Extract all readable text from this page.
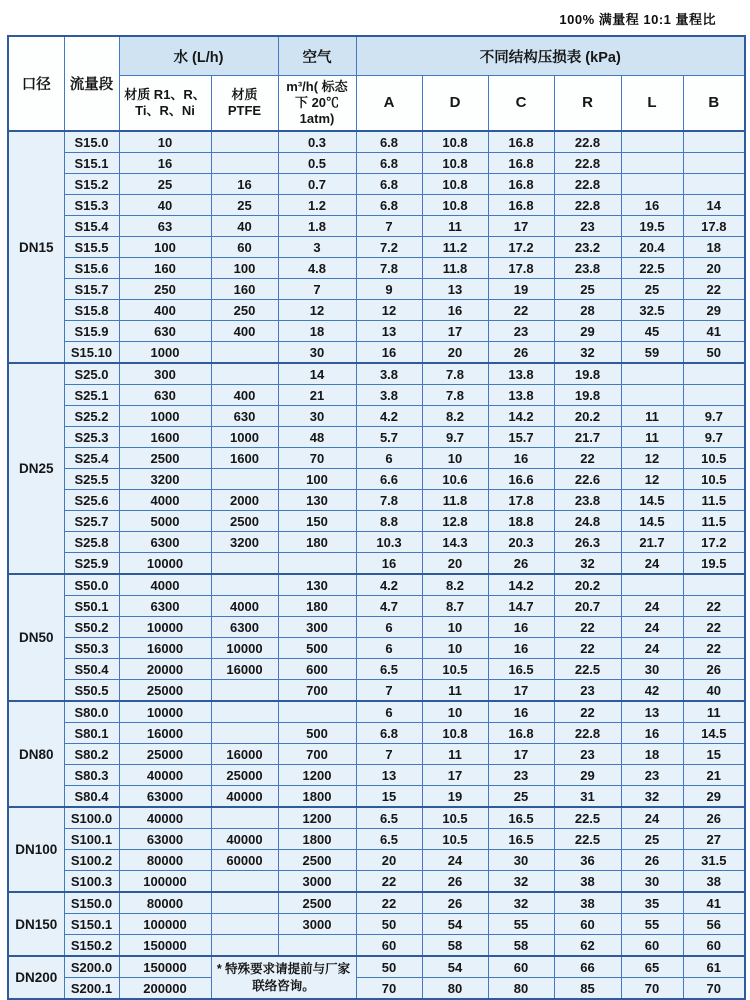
100% 满量程 10:1 量程比
口径	流量段	水 (L/h)		空气	不同结构压损表 (kPa)					
		材质 R1、R、Ti、R、Ni	材质 PTFE	m³/h( 标态下 20℃ 1atm)	A	D	C	R	L	B
DN15	S15.0	10		0.3	6.8	10.8	16.8	22.8		
	S15.1	16		0.5	6.8	10.8	16.8	22.8		
	S15.2	25	16	0.7	6.8	10.8	16.8	22.8		
	S15.3	40	25	1.2	6.8	10.8	16.8	22.8	16	14
	S15.4	63	40	1.8	7	11	17	23	19.5	17.8
	S15.5	100	60	3	7.2	11.2	17.2	23.2	20.4	18
	S15.6	160	100	4.8	7.8	11.8	17.8	23.8	22.5	20
	S15.7	250	160	7	9	13	19	25	25	22
	S15.8	400	250	12	12	16	22	28	32.5	29
	S15.9	630	400	18	13	17	23	29	45	41
	S15.10	1000		30	16	20	26	32	59	50
DN25	S25.0	300		14	3.8	7.8	13.8	19.8		
	S25.1	630	400	21	3.8	7.8	13.8	19.8		
	S25.2	1000	630	30	4.2	8.2	14.2	20.2	11	9.7
	S25.3	1600	1000	48	5.7	9.7	15.7	21.7	11	9.7
	S25.4	2500	1600	70	6	10	16	22	12	10.5
	S25.5	3200		100	6.6	10.6	16.6	22.6	12	10.5
	S25.6	4000	2000	130	7.8	11.8	17.8	23.8	14.5	11.5
	S25.7	5000	2500	150	8.8	12.8	18.8	24.8	14.5	11.5
	S25.8	6300	3200	180	10.3	14.3	20.3	26.3	21.7	17.2
	S25.9	10000			16	20	26	32	24	19.5
DN50	S50.0	4000		130	4.2	8.2	14.2	20.2		
	S50.1	6300	4000	180	4.7	8.7	14.7	20.7	24	22
	S50.2	10000	6300	300	6	10	16	22	24	22
	S50.3	16000	10000	500	6	10	16	22	24	22
	S50.4	20000	16000	600	6.5	10.5	16.5	22.5	30	26
	S50.5	25000		700	7	11	17	23	42	40
DN80	S80.0	10000			6	10	16	22	13	11
	S80.1	16000		500	6.8	10.8	16.8	22.8	16	14.5
	S80.2	25000	16000	700	7	11	17	23	18	15
	S80.3	40000	25000	1200	13	17	23	29	23	21
	S80.4	63000	40000	1800	15	19	25	31	32	29
DN100	S100.0	40000		1200	6.5	10.5	16.5	22.5	24	26
	S100.1	63000	40000	1800	6.5	10.5	16.5	22.5	25	27
	S100.2	80000	60000	2500	20	24	30	36	26	31.5
	S100.3	100000		3000	22	26	32	38	30	38
DN150	S150.0	80000		2500	22	26	32	38	35	41
	S150.1	100000		3000	50	54	55	60	55	56
	S150.2	150000			60	58	58	62	60	60
DN200	S200.0	150000	* 特殊要求请提前与厂家联络咨询。		50	54	60	66	65	61
	S200.1	200000			70	80	80	85	70	70
